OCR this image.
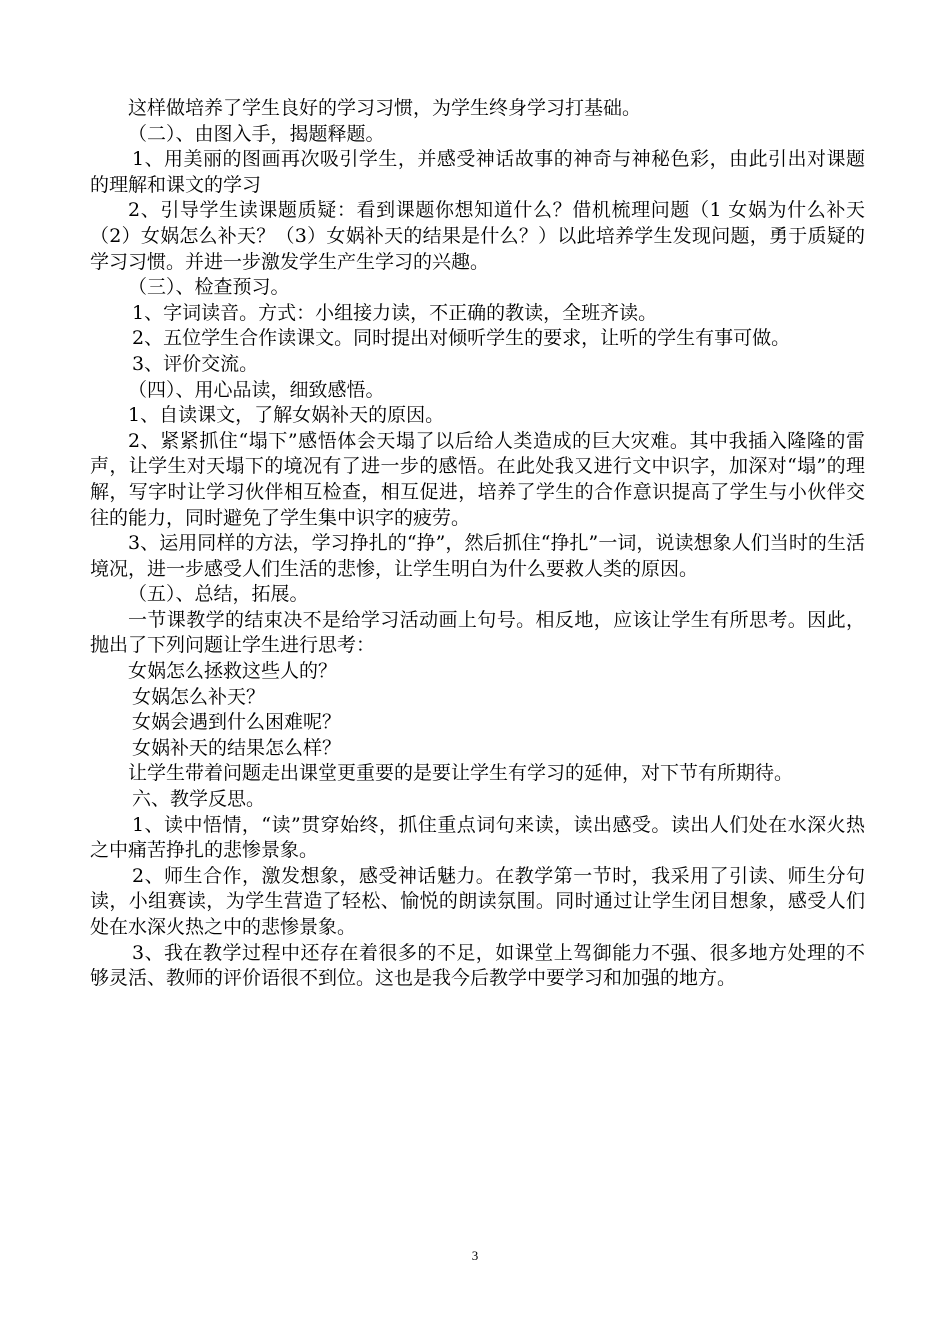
这样做培养了学生良好的学习习惯，为学生终身学习打基础。

（二）、由图入手，揭题释题。

1、用美丽的图画再次吸引学生，并感受神话故事的神奇与神秘色彩，由此引出对课题的理解和课文的学习

2、引导学生读课题质疑：看到课题你想知道什么？借机梳理问题（1 女娲为什么补天（2）女娲怎么补天？（3）女娲补天的结果是什么？）以此培养学生发现问题，勇于质疑的学习习惯。并进一步激发学生产生学习的兴趣。

（三）、检查预习。

1、字词读音。方式：小组接力读，不正确的教读，全班齐读。

2、五位学生合作读课文。同时提出对倾听学生的要求，让听的学生有事可做。

3、评价交流。

（四）、用心品读，细致感悟。

1、自读课文，了解女娲补天的原因。

2、紧紧抓住“塌下”感悟体会天塌了以后给人类造成的巨大灾难。其中我插入隆隆的雷声，让学生对天塌下的境况有了进一步的感悟。在此处我又进行文中识字，加深对“塌”的理解，写字时让学习伙伴相互检查，相互促进，培养了学生的合作意识提高了学生与小伙伴交往的能力，同时避免了学生集中识字的疲劳。

3、运用同样的方法，学习挣扎的“挣”，然后抓住“挣扎”一词，说读想象人们当时的生活境况，进一步感受人们生活的悲惨，让学生明白为什么要救人类的原因。

（五）、总结，拓展。

一节课教学的结束决不是给学习活动画上句号。相反地，应该让学生有所思考。因此，抛出了下列问题让学生进行思考：

女娲怎么拯救这些人的？

女娲怎么补天？

女娲会遇到什么困难呢？

女娲补天的结果怎么样？

让学生带着问题走出课堂更重要的是要让学生有学习的延伸，对下节有所期待。

六、教学反思。

1、读中悟情，“读”贯穿始终，抓住重点词句来读，读出感受。读出人们处在水深火热之中痛苦挣扎的悲惨景象。

2、师生合作，激发想象，感受神话魅力。在教学第一节时，我采用了引读、师生分句读，小组赛读，为学生营造了轻松、愉悦的朗读氛围。同时通过让学生闭目想象，感受人们处在水深火热之中的悲惨景象。

3、我在教学过程中还存在着很多的不足，如课堂上驾御能力不强、很多地方处理的不够灵活、教师的评价语很不到位。这也是我今后教学中要学习和加强的地方。

3
